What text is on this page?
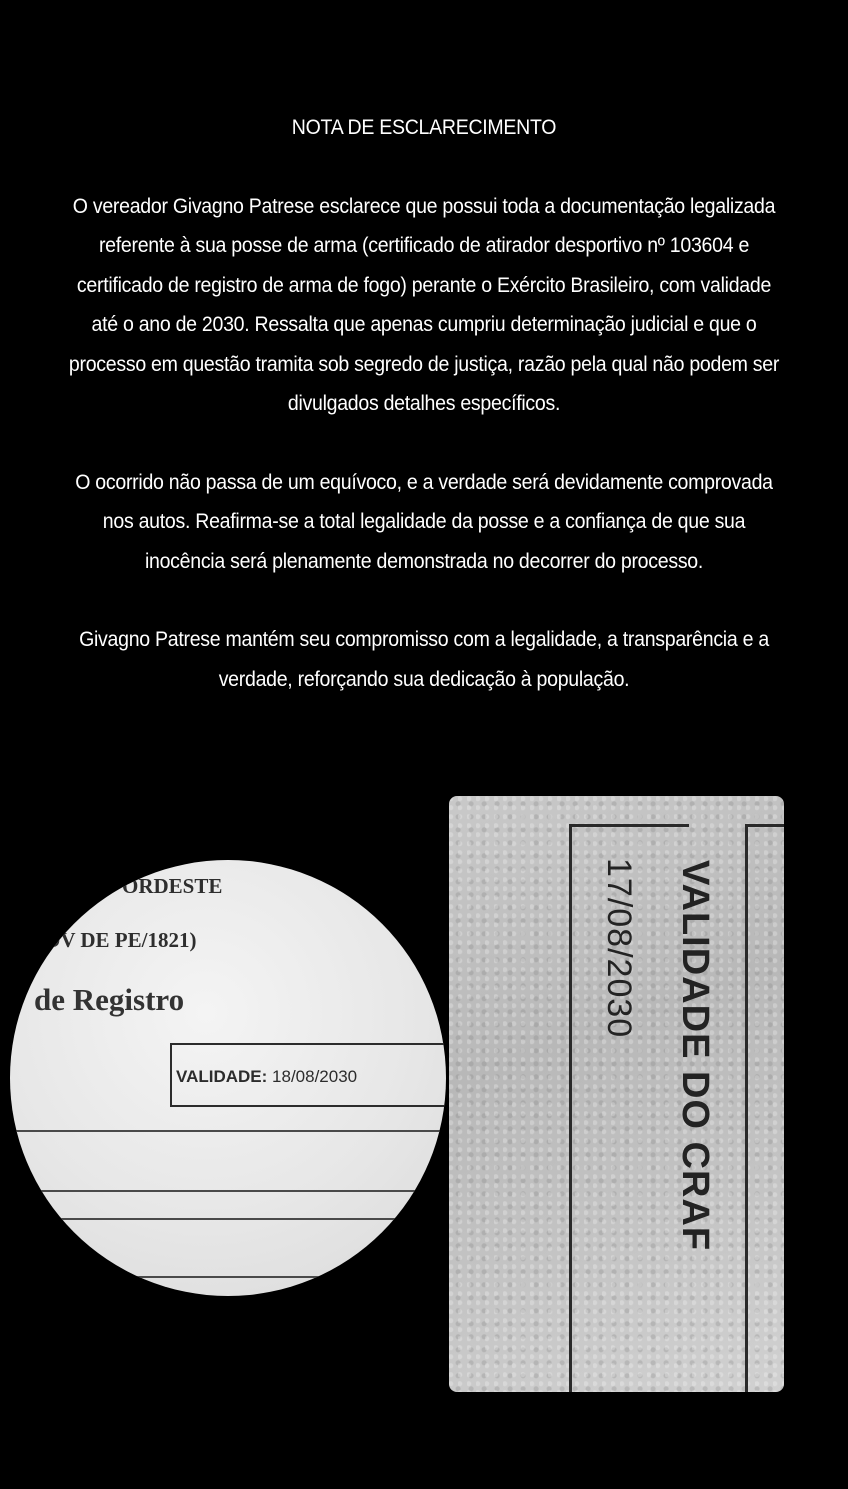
NOTA DE ESCLARECIMENTO

O vereador Givagno Patrese esclarece que possui toda a documentação legalizada referente à sua posse de arma (certificado de atirador desportivo nº 103604 e certificado de registro de arma de fogo) perante o Exército Brasileiro, com validade até o ano de 2030. Ressalta que apenas cumpriu determinação judicial e que o processo em questão tramita sob segredo de justiça, razão pela qual não podem ser divulgados detalhes específicos.

O ocorrido não passa de um equívoco, e a verdade será devidamente comprovada nos autos. Reafirma-se a total legalidade da posse e a confiança de que sua inocência será plenamente demonstrada no decorrer do processo.

Givagno Patrese mantém seu compromisso com a legalidade, a transparência e a verdade, reforçando sua dedicação à população.

ORDESTE
OV DE PE/1821)
de Registro
VALIDADE: 18/08/2030	VALIDADE DO CRAF
17/08/2030
